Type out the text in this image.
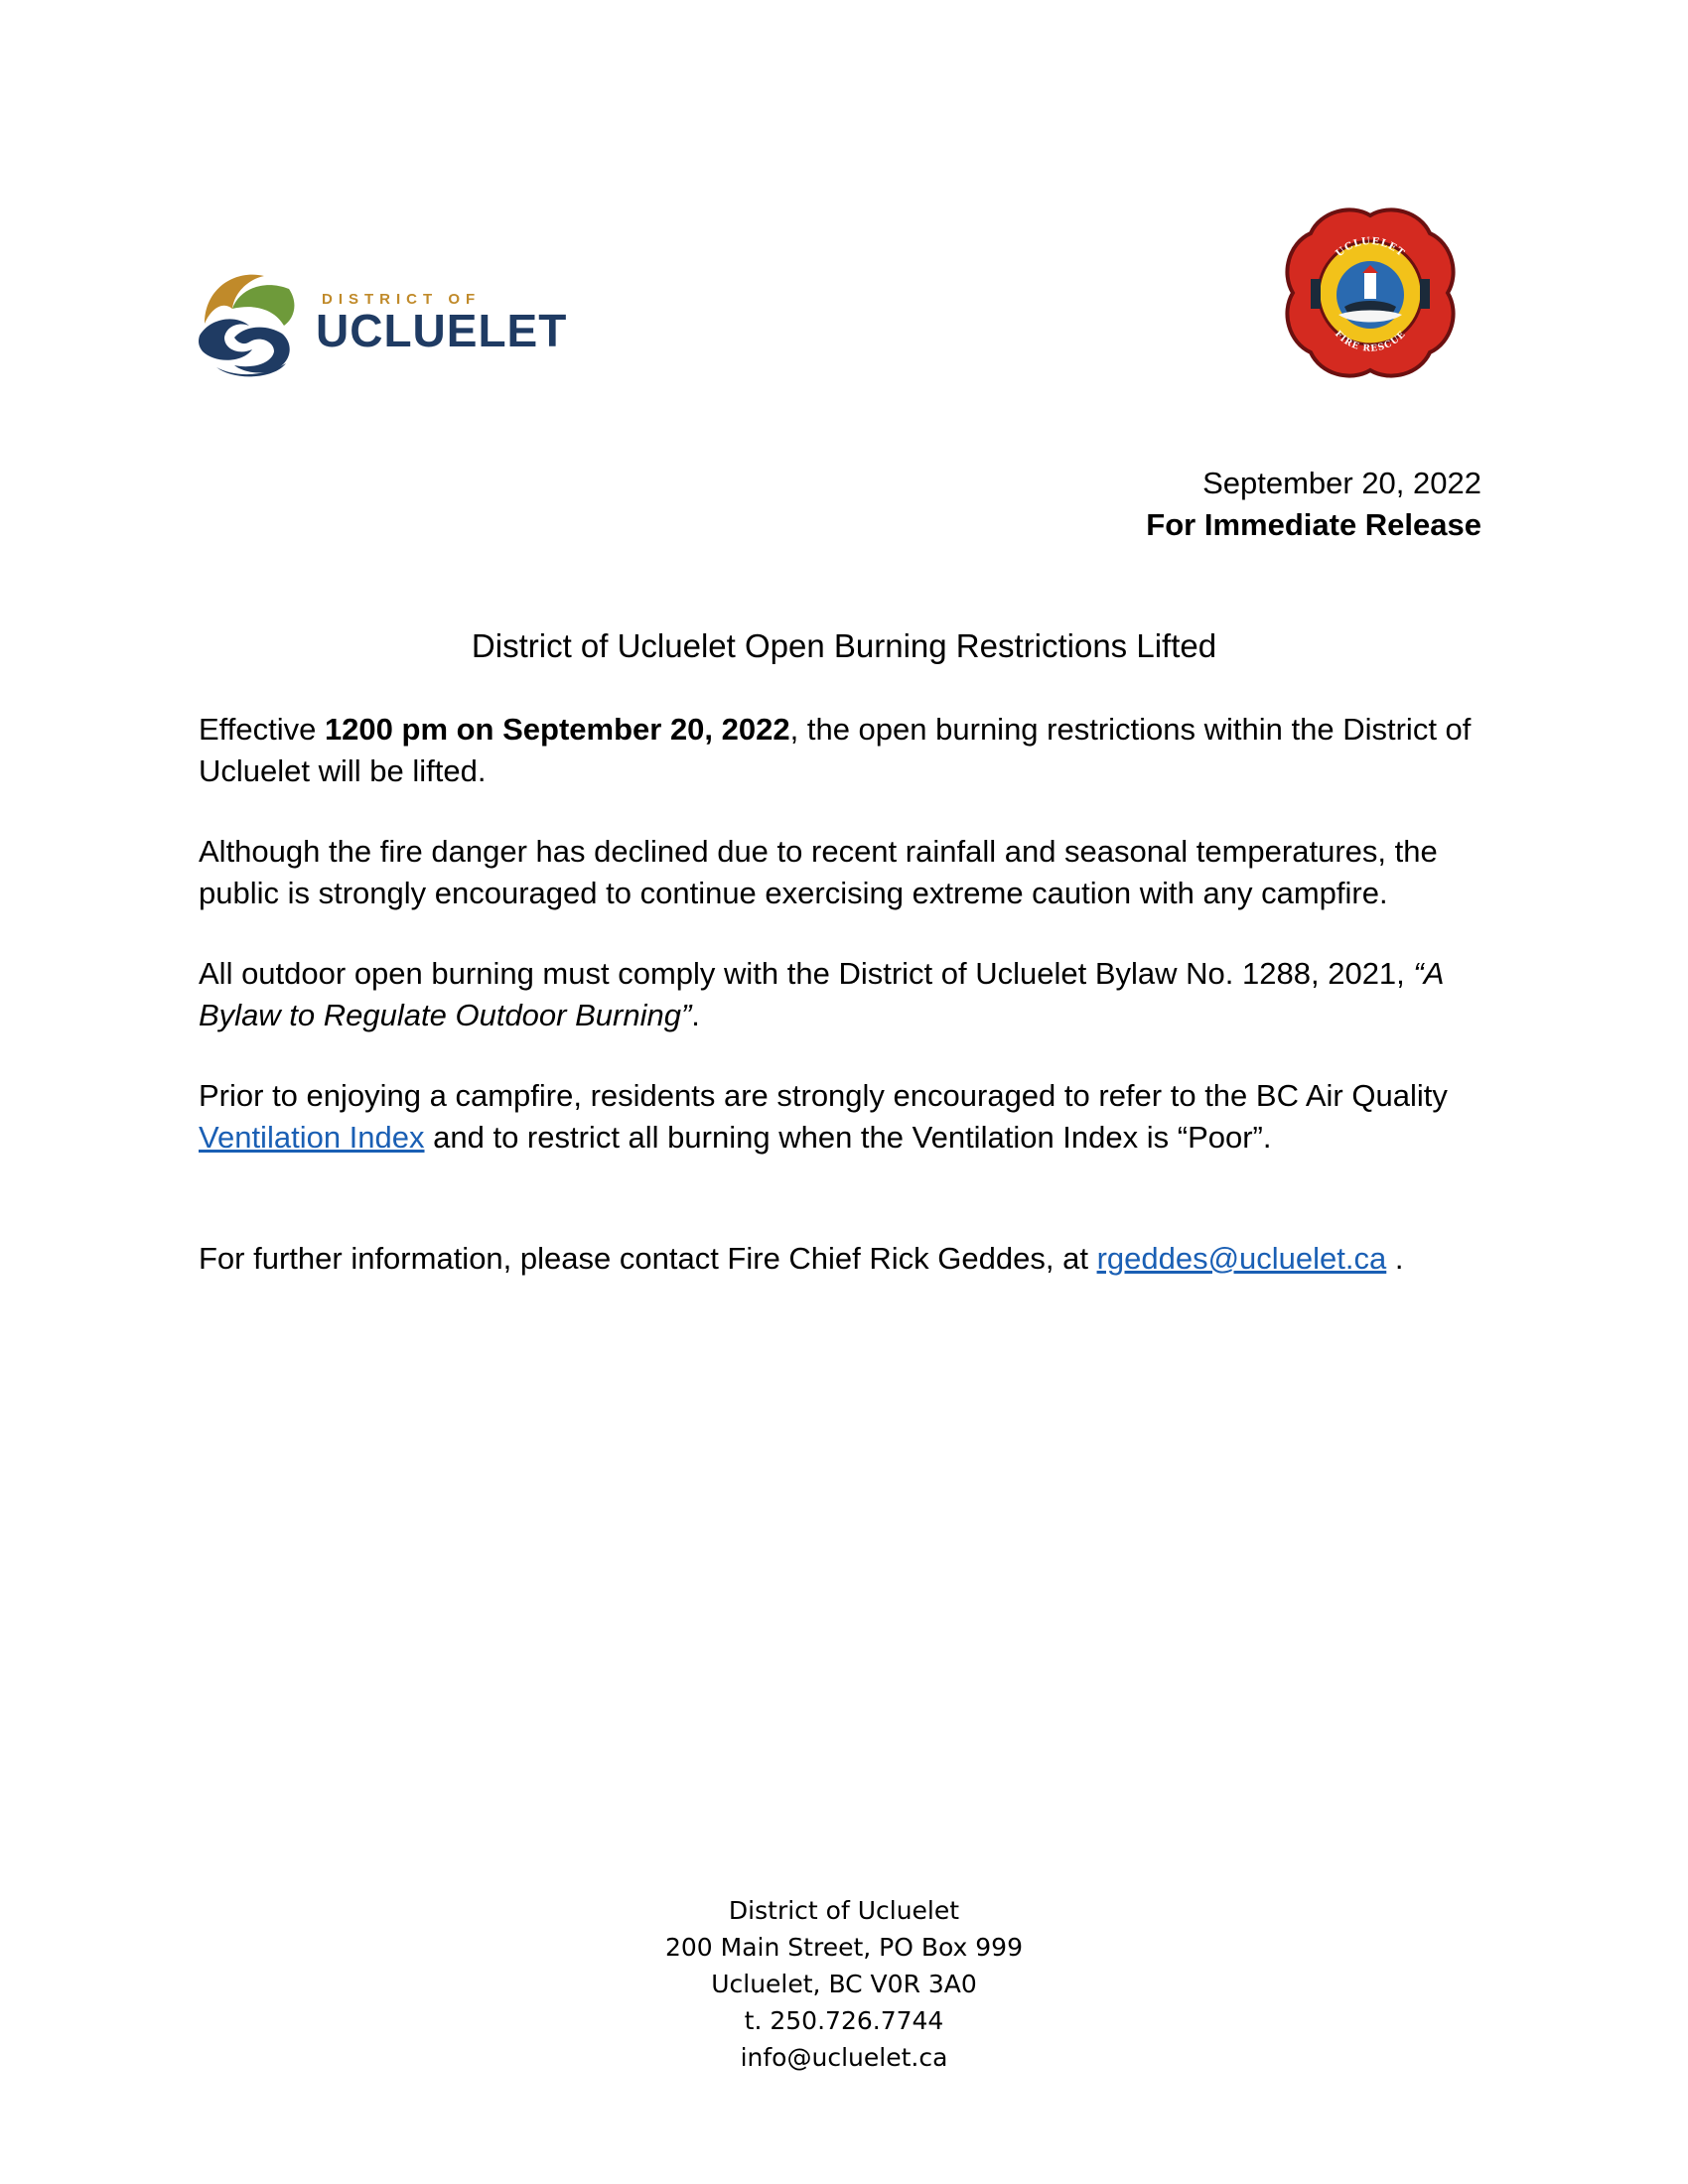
DISTRICT OF
UCLUELET
UCLUELET
FIRE RESCUE
September 20, 2022
For Immediate Release
District of Ucluelet Open Burning Restrictions Lifted

Effective 1200 pm on September 20, 2022, the open burning restrictions within the District of Ucluelet will be lifted.

Although the fire danger has declined due to recent rainfall and seasonal temperatures, the public is strongly encouraged to continue exercising extreme caution with any campfire.

All outdoor open burning must comply with the District of Ucluelet Bylaw No. 1288, 2021, “A Bylaw to Regulate Outdoor Burning”.

Prior to enjoying a campfire, residents are strongly encouraged to refer to the BC Air Quality Ventilation Index and to restrict all burning when the Ventilation Index is “Poor”.

For further information, please contact Fire Chief Rick Geddes, at rgeddes@ucluelet.ca .

District of Ucluelet
200 Main Street, PO Box 999
Ucluelet, BC V0R 3A0
t. 250.726.7744
info@ucluelet.ca
